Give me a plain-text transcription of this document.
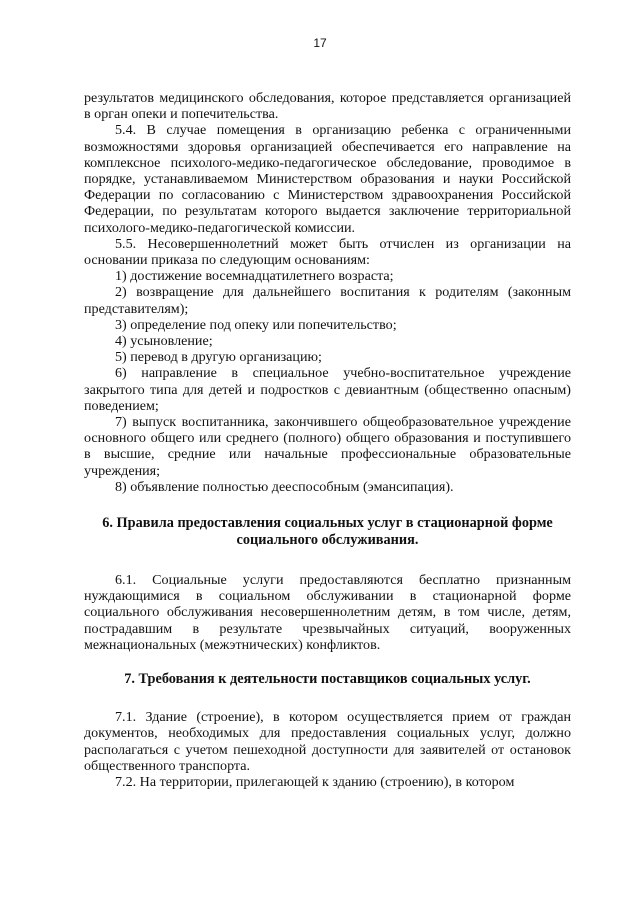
17

результатов медицинского обследования, которое представляется организацией в орган опеки и попечительства.

5.4. В случае помещения в организацию ребенка с ограниченными возможностями здоровья организацией обеспечивается его направление на комплексное психолого-медико-педагогическое обследование, проводимое в порядке, устанавливаемом Министерством образования и науки Российской Федерации по согласованию с Министерством здравоохранения Российской Федерации, по результатам которого выдается заключение территориальной психолого-медико-педагогической комиссии.

5.5. Несовершеннолетний может быть отчислен из организации на основании приказа по следующим основаниям:

1) достижение восемнадцатилетнего возраста;

2) возвращение для дальнейшего воспитания к родителям (законным представителям);

3) определение под опеку или попечительство;

4) усыновление;

5) перевод в другую организацию;

6) направление в специальное учебно-воспитательное учреждение закрытого типа для детей и подростков с девиантным (общественно опасным) поведением;

7) выпуск воспитанника, закончившего общеобразовательное учреждение основного общего или среднего (полного) общего образования и поступившего в высшие, средние или начальные профессиональные образовательные учреждения;

8) объявление полностью дееспособным (эмансипация).

6. Правила предоставления социальных услуг в стационарной форме
социального обслуживания.

6.1. Социальные услуги предоставляются бесплатно признанным нуждающимися в социальном обслуживании в стационарной форме социального обслуживания несовершеннолетним детям, в том числе, детям, пострадавшим в результате чрезвычайных ситуаций, вооруженных межнациональных (межэтнических) конфликтов.

7. Требования к деятельности поставщиков социальных услуг.

7.1. Здание (строение), в котором осуществляется прием от граждан документов, необходимых для предоставления социальных услуг, должно располагаться с учетом пешеходной доступности для заявителей от остановок общественного транспорта.

7.2. На территории, прилегающей к зданию (строению), в котором
